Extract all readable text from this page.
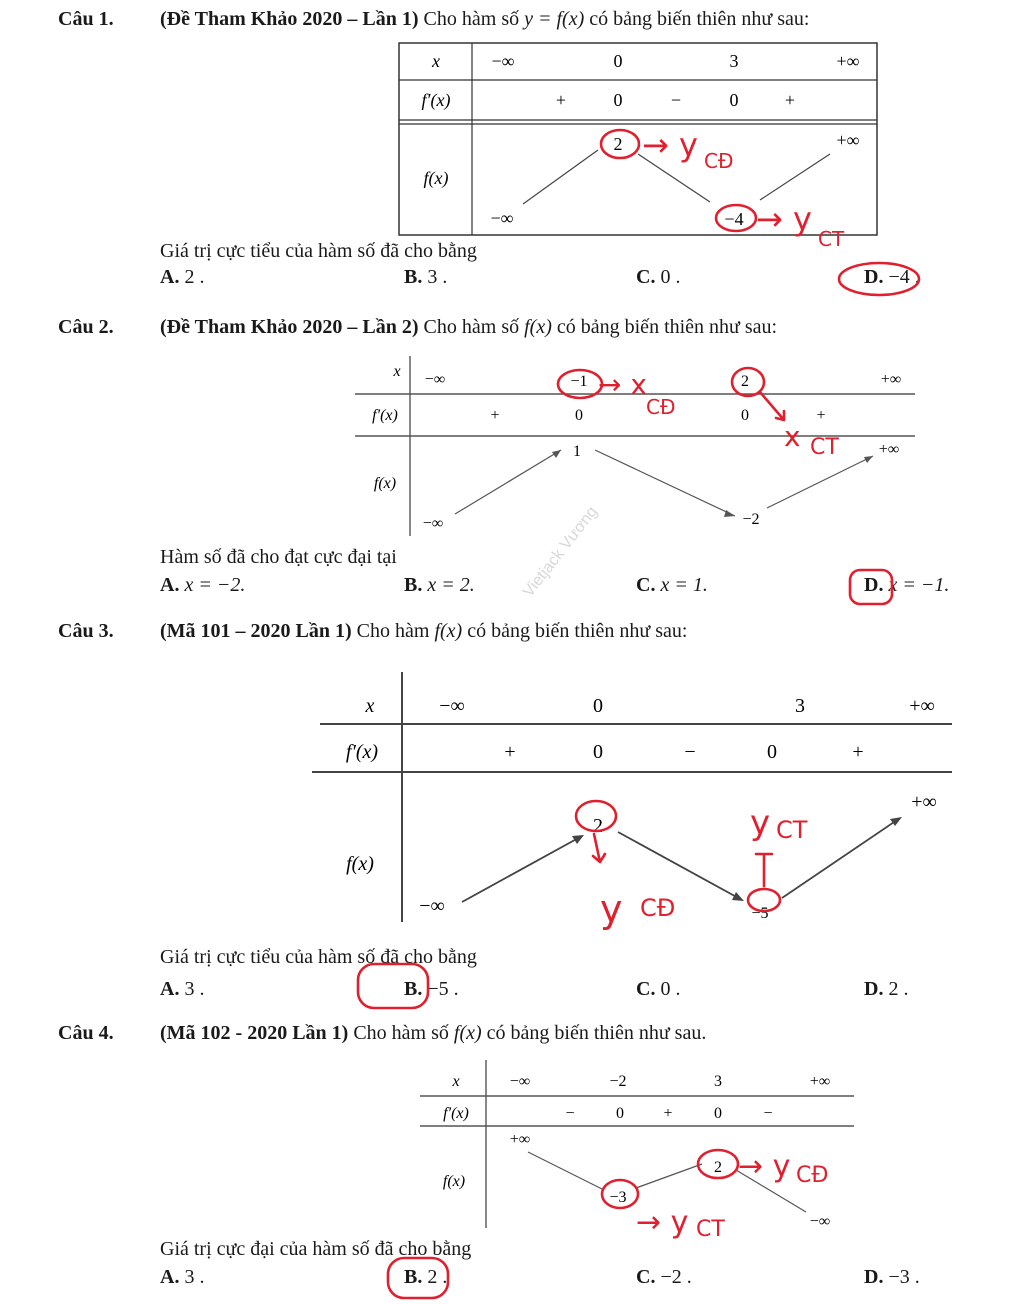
Câu 1. (Đề Tham Khảo 2020 – Lần 1) Cho hàm số y = f(x) có bảng biến thiên như sau:
x	−∞	0	3	+∞
f′(x)	+	0	−	0	+
f(x)
−∞
2
−4
+∞
→ y CĐ
→ y
CT
Giá trị cực tiểu của hàm số đã cho bằng
A. 2 .	B. 3 .	C. 0 .	D. −4 .
Câu 2. (Đề Tham Khảo 2020 – Lần 2) Cho hàm số f(x) có bảng biến thiên như sau:
x −∞	−1	2	+∞
f′(x)	+	0	0	+
f(x)
−∞
1
−2
+∞
→ x
CĐ
x CT
Vietjack Vương
Hàm số đã cho đạt cực đại tại
A. x = −2.	B. x = 2.	C. x = 1.	D. x = −1.
Câu 3. (Mã 101 – 2020 Lần 1) Cho hàm f(x) có bảng biến thiên như sau:
x	−∞	0	3	+∞
f′(x)	+	0	−	0	+
f(x)
−∞
2
−5
+∞
y CĐ
y CT
Giá trị cực tiểu của hàm số đã cho bằng
A. 3 .	B. −5 .	C. 0 .	D. 2 .
Câu 4. (Mã 102 - 2020 Lần 1) Cho hàm số f(x) có bảng biến thiên như sau.
x	−∞	−2	3	+∞
f′(x)	−	0 +	0	−
f(x)
+∞
−3
2
−∞
→ y CĐ
→ y CT
Giá trị cực đại của hàm số đã cho bằng
A. 3 .	B. 2 .	C. −2 .	D. −3 .
